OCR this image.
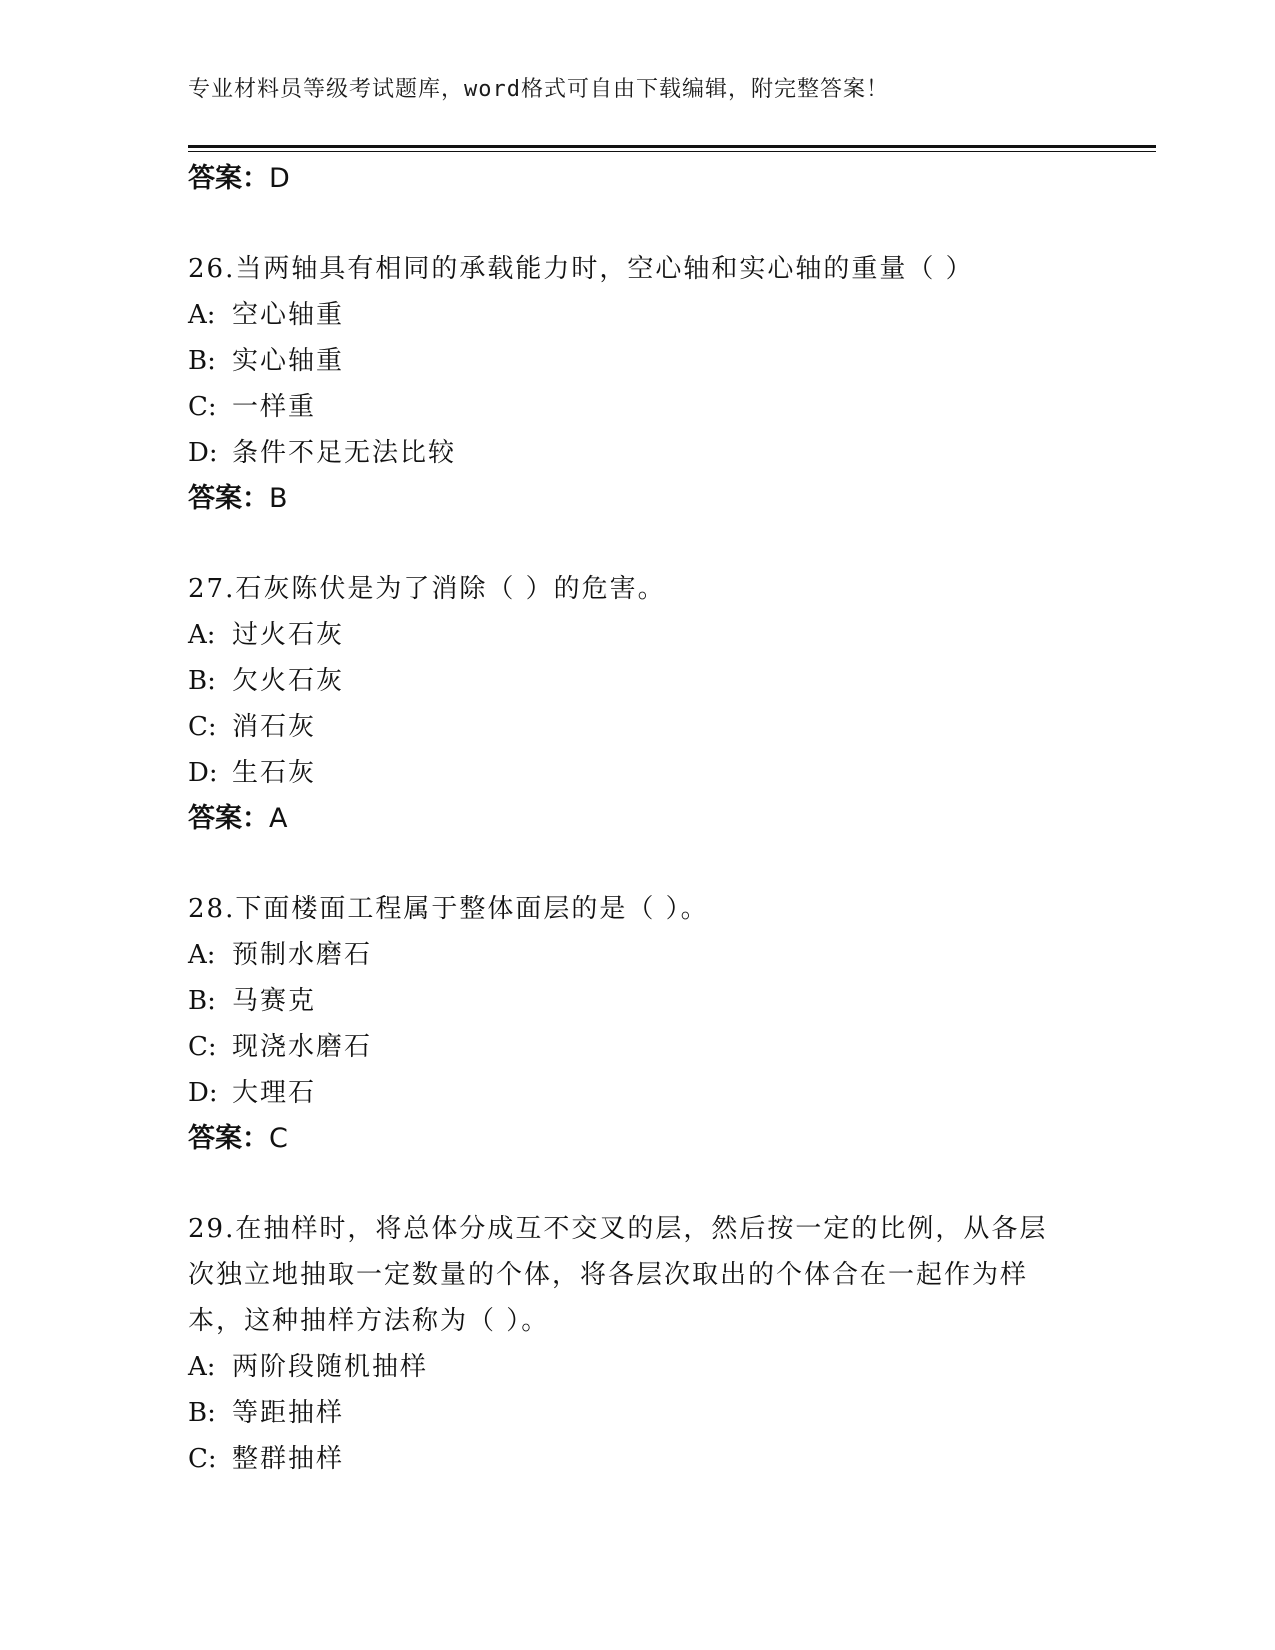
专业材料员等级考试题库，word格式可自由下载编辑，附完整答案！
答案：D
26.当两轴具有相同的承载能力时，空心轴和实心轴的重量（ ）
A: 空心轴重
B: 实心轴重
C: 一样重
D: 条件不足无法比较
答案：B
27.石灰陈伏是为了消除（ ）的危害。
A: 过火石灰
B: 欠火石灰
C: 消石灰
D: 生石灰
答案：A
28.下面楼面工程属于整体面层的是（ ）。
A: 预制水磨石
B: 马赛克
C: 现浇水磨石
D: 大理石
答案：C
29.在抽样时，将总体分成互不交叉的层，然后按一定的比例，从各层次独立地抽取一定数量的个体，将各层次取出的个体合在一起作为样本，这种抽样方法称为（ ）。
A: 两阶段随机抽样
B: 等距抽样
C: 整群抽样
